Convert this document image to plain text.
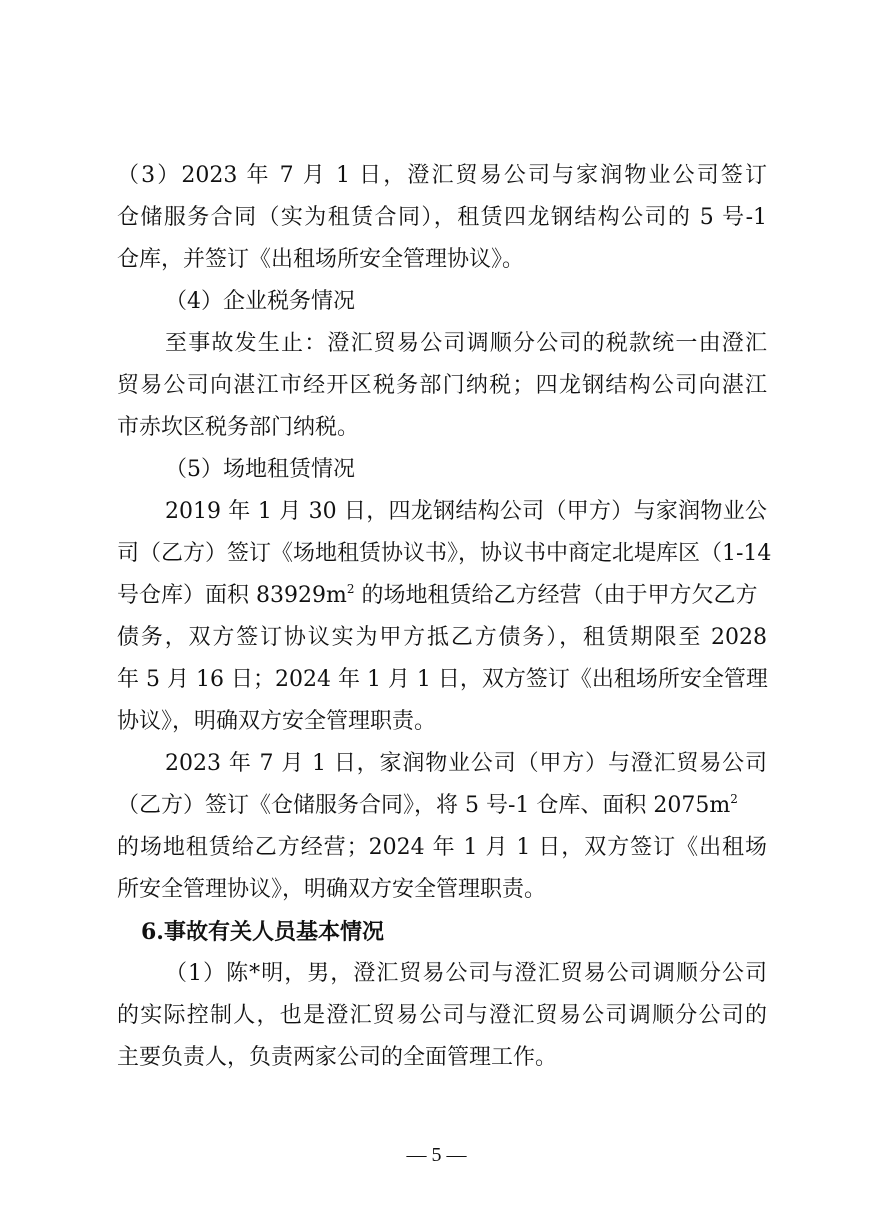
（3）2023 年 7 月 1 日，澄汇贸易公司与家润物业公司签订
仓储服务合同（实为租赁合同），租赁四龙钢结构公司的 5 号-1
仓库，并签订《出租场所安全管理协议》。
（4）企业税务情况
至事故发生止：澄汇贸易公司调顺分公司的税款统一由澄汇
贸易公司向湛江市经开区税务部门纳税；四龙钢结构公司向湛江
市赤坎区税务部门纳税。
（5）场地租赁情况
2019 年 1 月 30 日，四龙钢结构公司（甲方）与家润物业公
司（乙方）签订《场地租赁协议书》，协议书中商定北堤库区（1-14
号仓库）面积 $83929m^2$ 的场地租赁给乙方经营（由于甲方欠乙方
债务，双方签订协议实为甲方抵乙方债务），租赁期限至 2028
年 5 月 16 日；2024 年 1 月 1 日，双方签订《出租场所安全管理
协议》，明确双方安全管理职责。
2023 年 7 月 1 日，家润物业公司（甲方）与澄汇贸易公司
（乙方）签订《仓储服务合同》，将 5 号-1 仓库、面积 $2075m^2$
的场地租赁给乙方经营；2024 年 1 月 1 日，双方签订《出租场
所安全管理协议》，明确双方安全管理职责。
6.事故有关人员基本情况
（1）陈*明，男，澄汇贸易公司与澄汇贸易公司调顺分公司
的实际控制人，也是澄汇贸易公司与澄汇贸易公司调顺分公司的
主要负责人，负责两家公司的全面管理工作。
— 5 —
